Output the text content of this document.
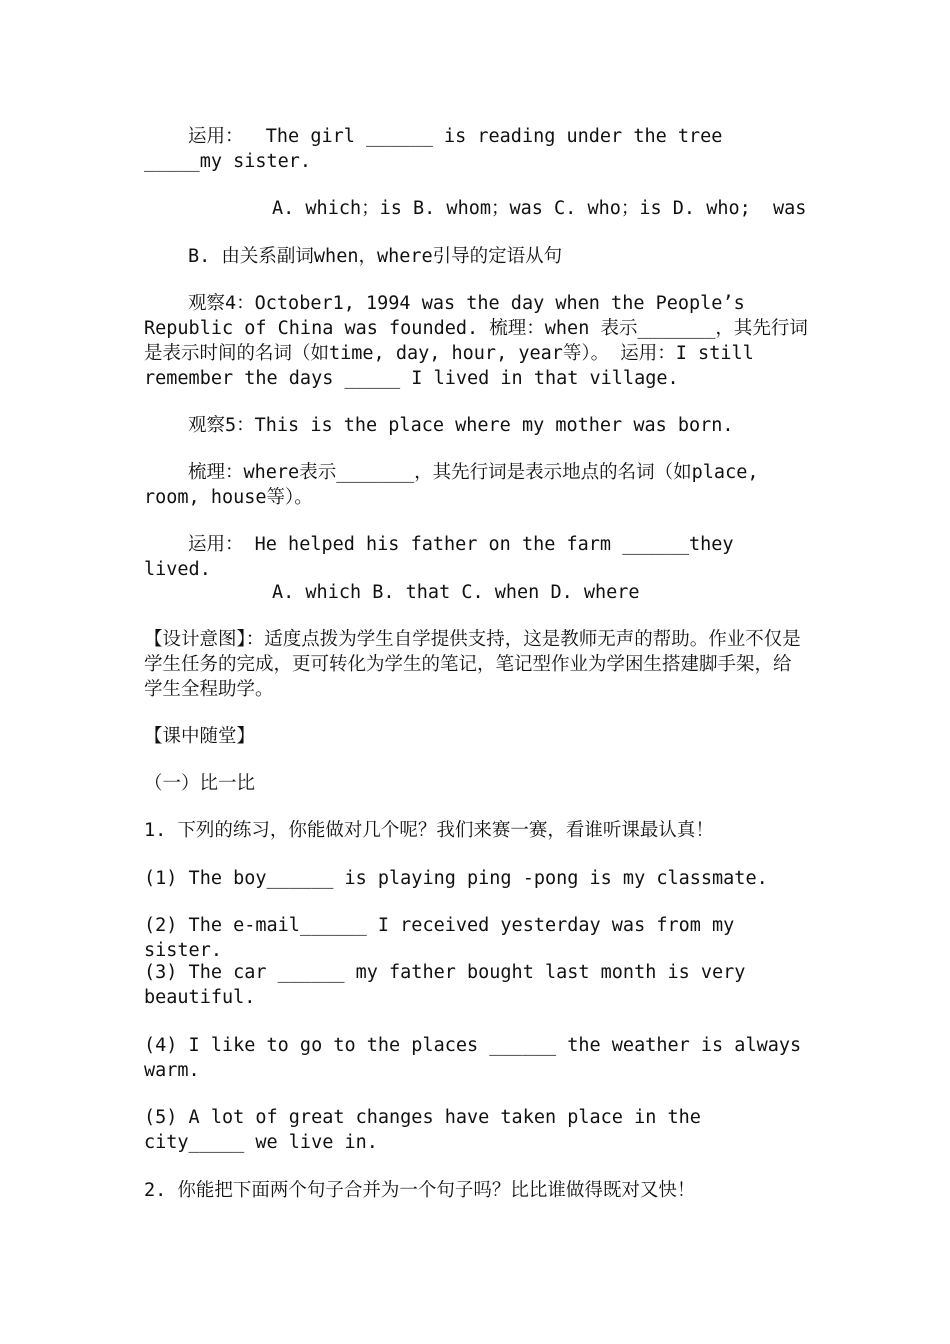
运用：  The girl ______ is reading under the tree _____my sister.

A. which；is B. whom；was C. who；is D. who;  was

B. 由关系副词when，where引导的定语从句

观察4：October1, 1994 was the day when the People’s Republic of China was founded. 梳理：when 表示_______，其先行词是表示时间的名词（如time, day, hour, year等）。 运用：I still remember the days _____ I lived in that village.

观察5：This is the place where my mother was born.

梳理：where表示_______，其先行词是表示地点的名词（如place, room, house等）。

运用： He helped his father on the farm ______they lived.

A. which B. that C. when D. where

【设计意图】：适度点拨为学生自学提供支持，这是教师无声的帮助。作业不仅是学生任务的完成，更可转化为学生的笔记，笔记型作业为学困生搭建脚手架，给学生全程助学。

【课中随堂】

（一）比一比

1. 下列的练习，你能做对几个呢？我们来赛一赛，看谁听课最认真！

(1) The boy______ is playing ping -pong is my classmate.

(2) The e-mail______ I received yesterday was from my sister.

(3) The car ______ my father bought last month is very beautiful.

(4) I like to go to the places ______ the weather is always warm.

(5) A lot of great changes have taken place in the city_____ we live in.

2. 你能把下面两个句子合并为一个句子吗？比比谁做得既对又快！
